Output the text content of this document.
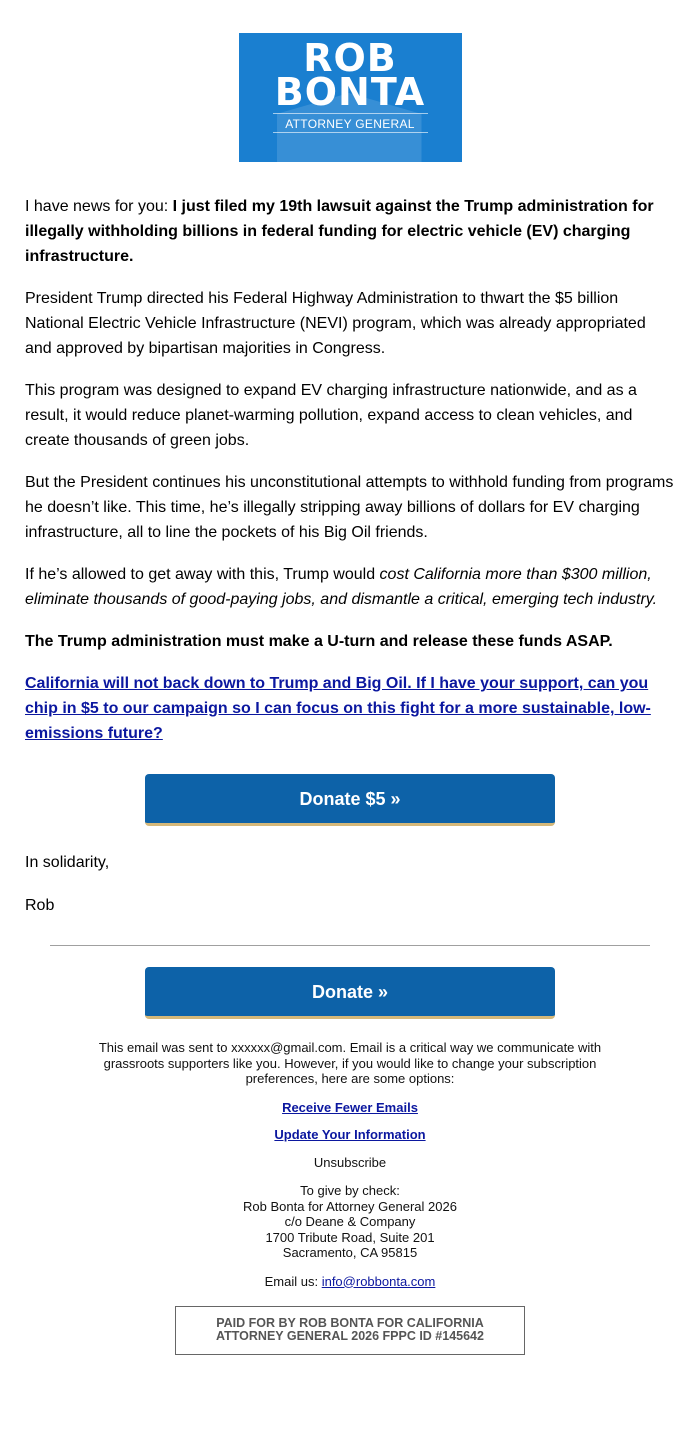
ROB
BONTA
ATTORNEY GENERAL

I have news for you: I just filed my 19th lawsuit against the Trump administration for illegally withholding billions in federal funding for electric vehicle (EV) charging infrastructure.

President Trump directed his Federal Highway Administration to thwart the $5 billion National Electric Vehicle Infrastructure (NEVI) program, which was already appropriated and approved by bipartisan majorities in Congress.

This program was designed to expand EV charging infrastructure nationwide, and as a result, it would reduce planet-warming pollution, expand access to clean vehicles, and create thousands of green jobs.

But the President continues his unconstitutional attempts to withhold funding from programs he doesn’t like. This time, he’s illegally stripping away billions of dollars for EV charging infrastructure, all to line the pockets of his Big Oil friends.

If he’s allowed to get away with this, Trump would cost California more than $300 million, eliminate thousands of good-paying jobs, and dismantle a critical, emerging tech industry.

The Trump administration must make a U-turn and release these funds ASAP.

California will not back down to Trump and Big Oil. If I have your support, can you chip in $5 to our campaign so I can focus on this fight for a more sustainable, low-emissions future?

Donate $5 »

In solidarity,

Rob

Donate »

This email was sent to xxxxxx@gmail.com. Email is a critical way we communicate with grassroots supporters like you. However, if you would like to change your subscription preferences, here are some options:

Receive Fewer Emails

Update Your Information

Unsubscribe

To give by check:

Rob Bonta for Attorney General 2026

c/o Deane & Company

1700 Tribute Road, Suite 201

Sacramento, CA 95815

Email us: info@robbonta.com

PAID FOR BY ROB BONTA FOR CALIFORNIA ATTORNEY GENERAL 2026 FPPC ID #145642
